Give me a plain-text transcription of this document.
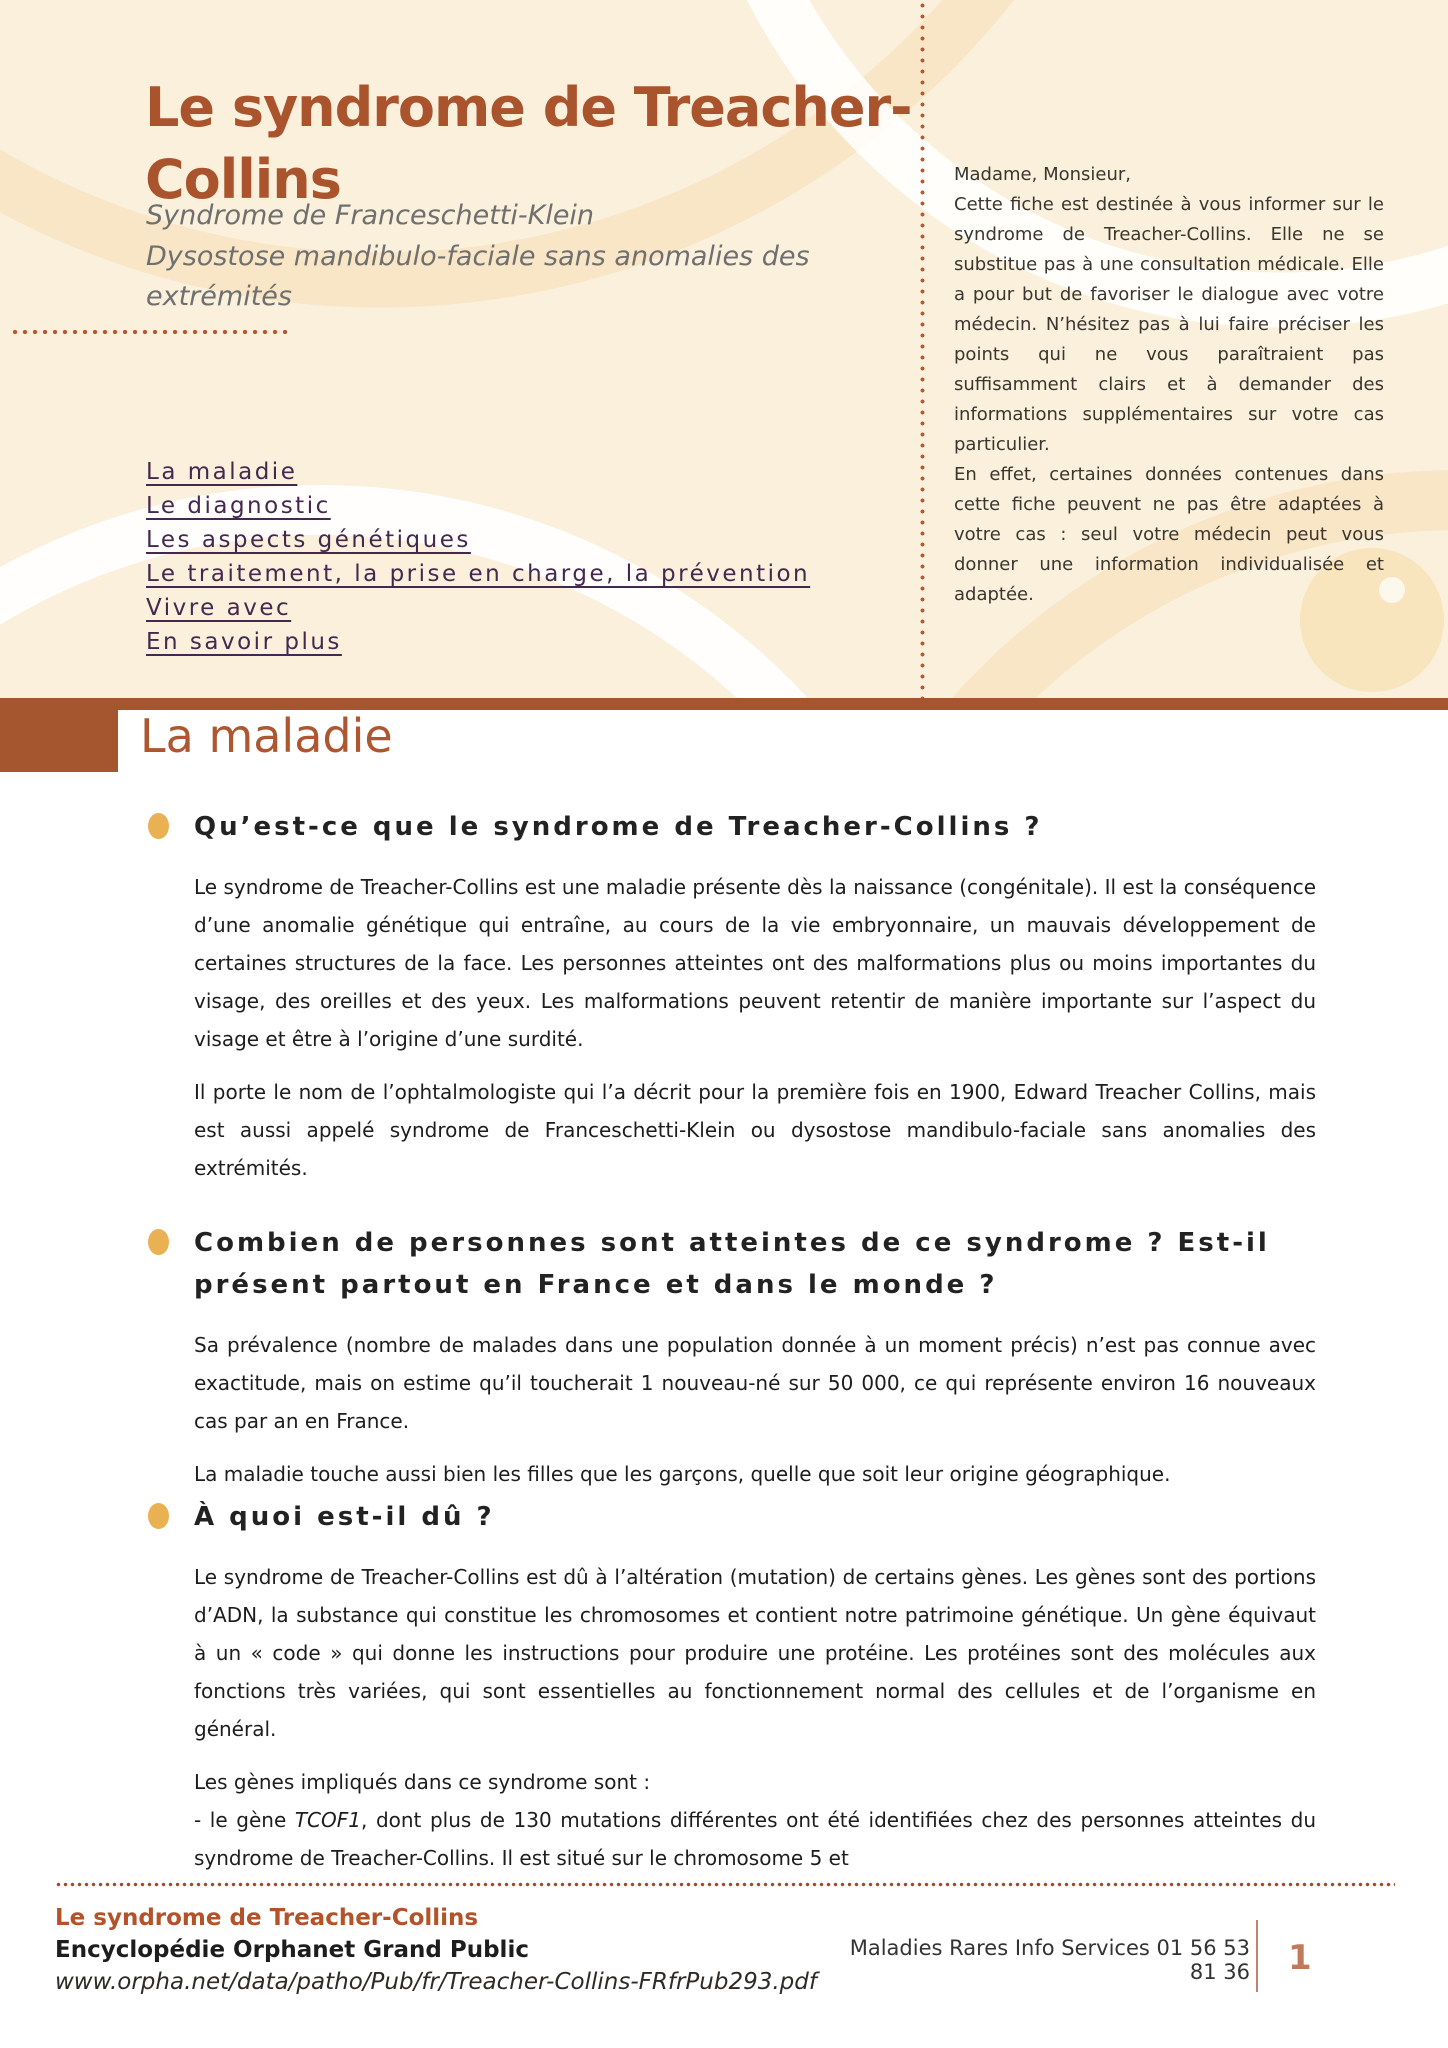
Le syndrome de Treacher-Collins
Syndrome de Franceschetti-Klein
Dysostose mandibulo-faciale sans anomalies des extrémités
La maladie
Le diagnostic
Les aspects génétiques
Le traitement, la prise en charge, la prévention
Vivre avec
En savoir plus

Madame, Monsieur,

Cette fiche est destinée à vous informer sur le syndrome de Treacher-Collins. Elle ne se substitue pas à une consultation médicale. Elle a pour but de favoriser le dialogue avec votre médecin. N’hésitez pas à lui faire préciser les points qui ne vous paraîtraient pas suffisamment clairs et à demander des informations supplémentaires sur votre cas particulier.

En effet, certaines données contenues dans cette fiche peuvent ne pas être adaptées à votre cas : seul votre médecin peut vous donner une information individualisée et adaptée.

La maladie
Qu’est-ce que le syndrome de Treacher-Collins ?

Le syndrome de Treacher-Collins est une maladie présente dès la naissance (congénitale). Il est la conséquence d’une anomalie génétique qui entraîne, au cours de la vie embryonnaire, un mauvais développement de certaines structures de la face. Les personnes atteintes ont des malformations plus ou moins importantes du visage, des oreilles et des yeux. Les malformations peuvent retentir de manière importante sur l’aspect du visage et être à l’origine d’une surdité.

Il porte le nom de l’ophtalmologiste qui l’a décrit pour la première fois en 1900, Edward Treacher Collins, mais est aussi appelé syndrome de Franceschetti-Klein ou dysostose mandibulo-faciale sans anomalies des extrémités.

Combien de personnes sont atteintes de ce syndrome ? Est-il présent partout en France et dans le monde ?

Sa prévalence (nombre de malades dans une population donnée à un moment précis) n’est pas connue avec exactitude, mais on estime qu’il toucherait 1 nouveau-né sur 50 000, ce qui représente environ 16 nouveaux cas par an en France.

La maladie touche aussi bien les filles que les garçons, quelle que soit leur origine géographique.

À quoi est-il dû ?

Le syndrome de Treacher-Collins est dû à l’altération (mutation) de certains gènes. Les gènes sont des portions d’ADN, la substance qui constitue les chromosomes et contient notre patrimoine génétique. Un gène équivaut à un « code » qui donne les instructions pour produire une protéine. Les protéines sont des molécules aux fonctions très variées, qui sont essentielles au fonctionnement normal des cellules et de l’organisme en général.

Les gènes impliqués dans ce syndrome sont :
- le gène TCOF1, dont plus de 130 mutations différentes ont été identifiées chez des personnes atteintes du syndrome de Treacher-Collins. Il est situé sur le chromosome 5 et

Le syndrome de Treacher-Collins
Encyclopédie Orphanet Grand Public
www.orpha.net/data/patho/Pub/fr/Treacher-Collins-FRfrPub293.pdf
Maladies Rares Info Services 01 56 53 81 36 1
